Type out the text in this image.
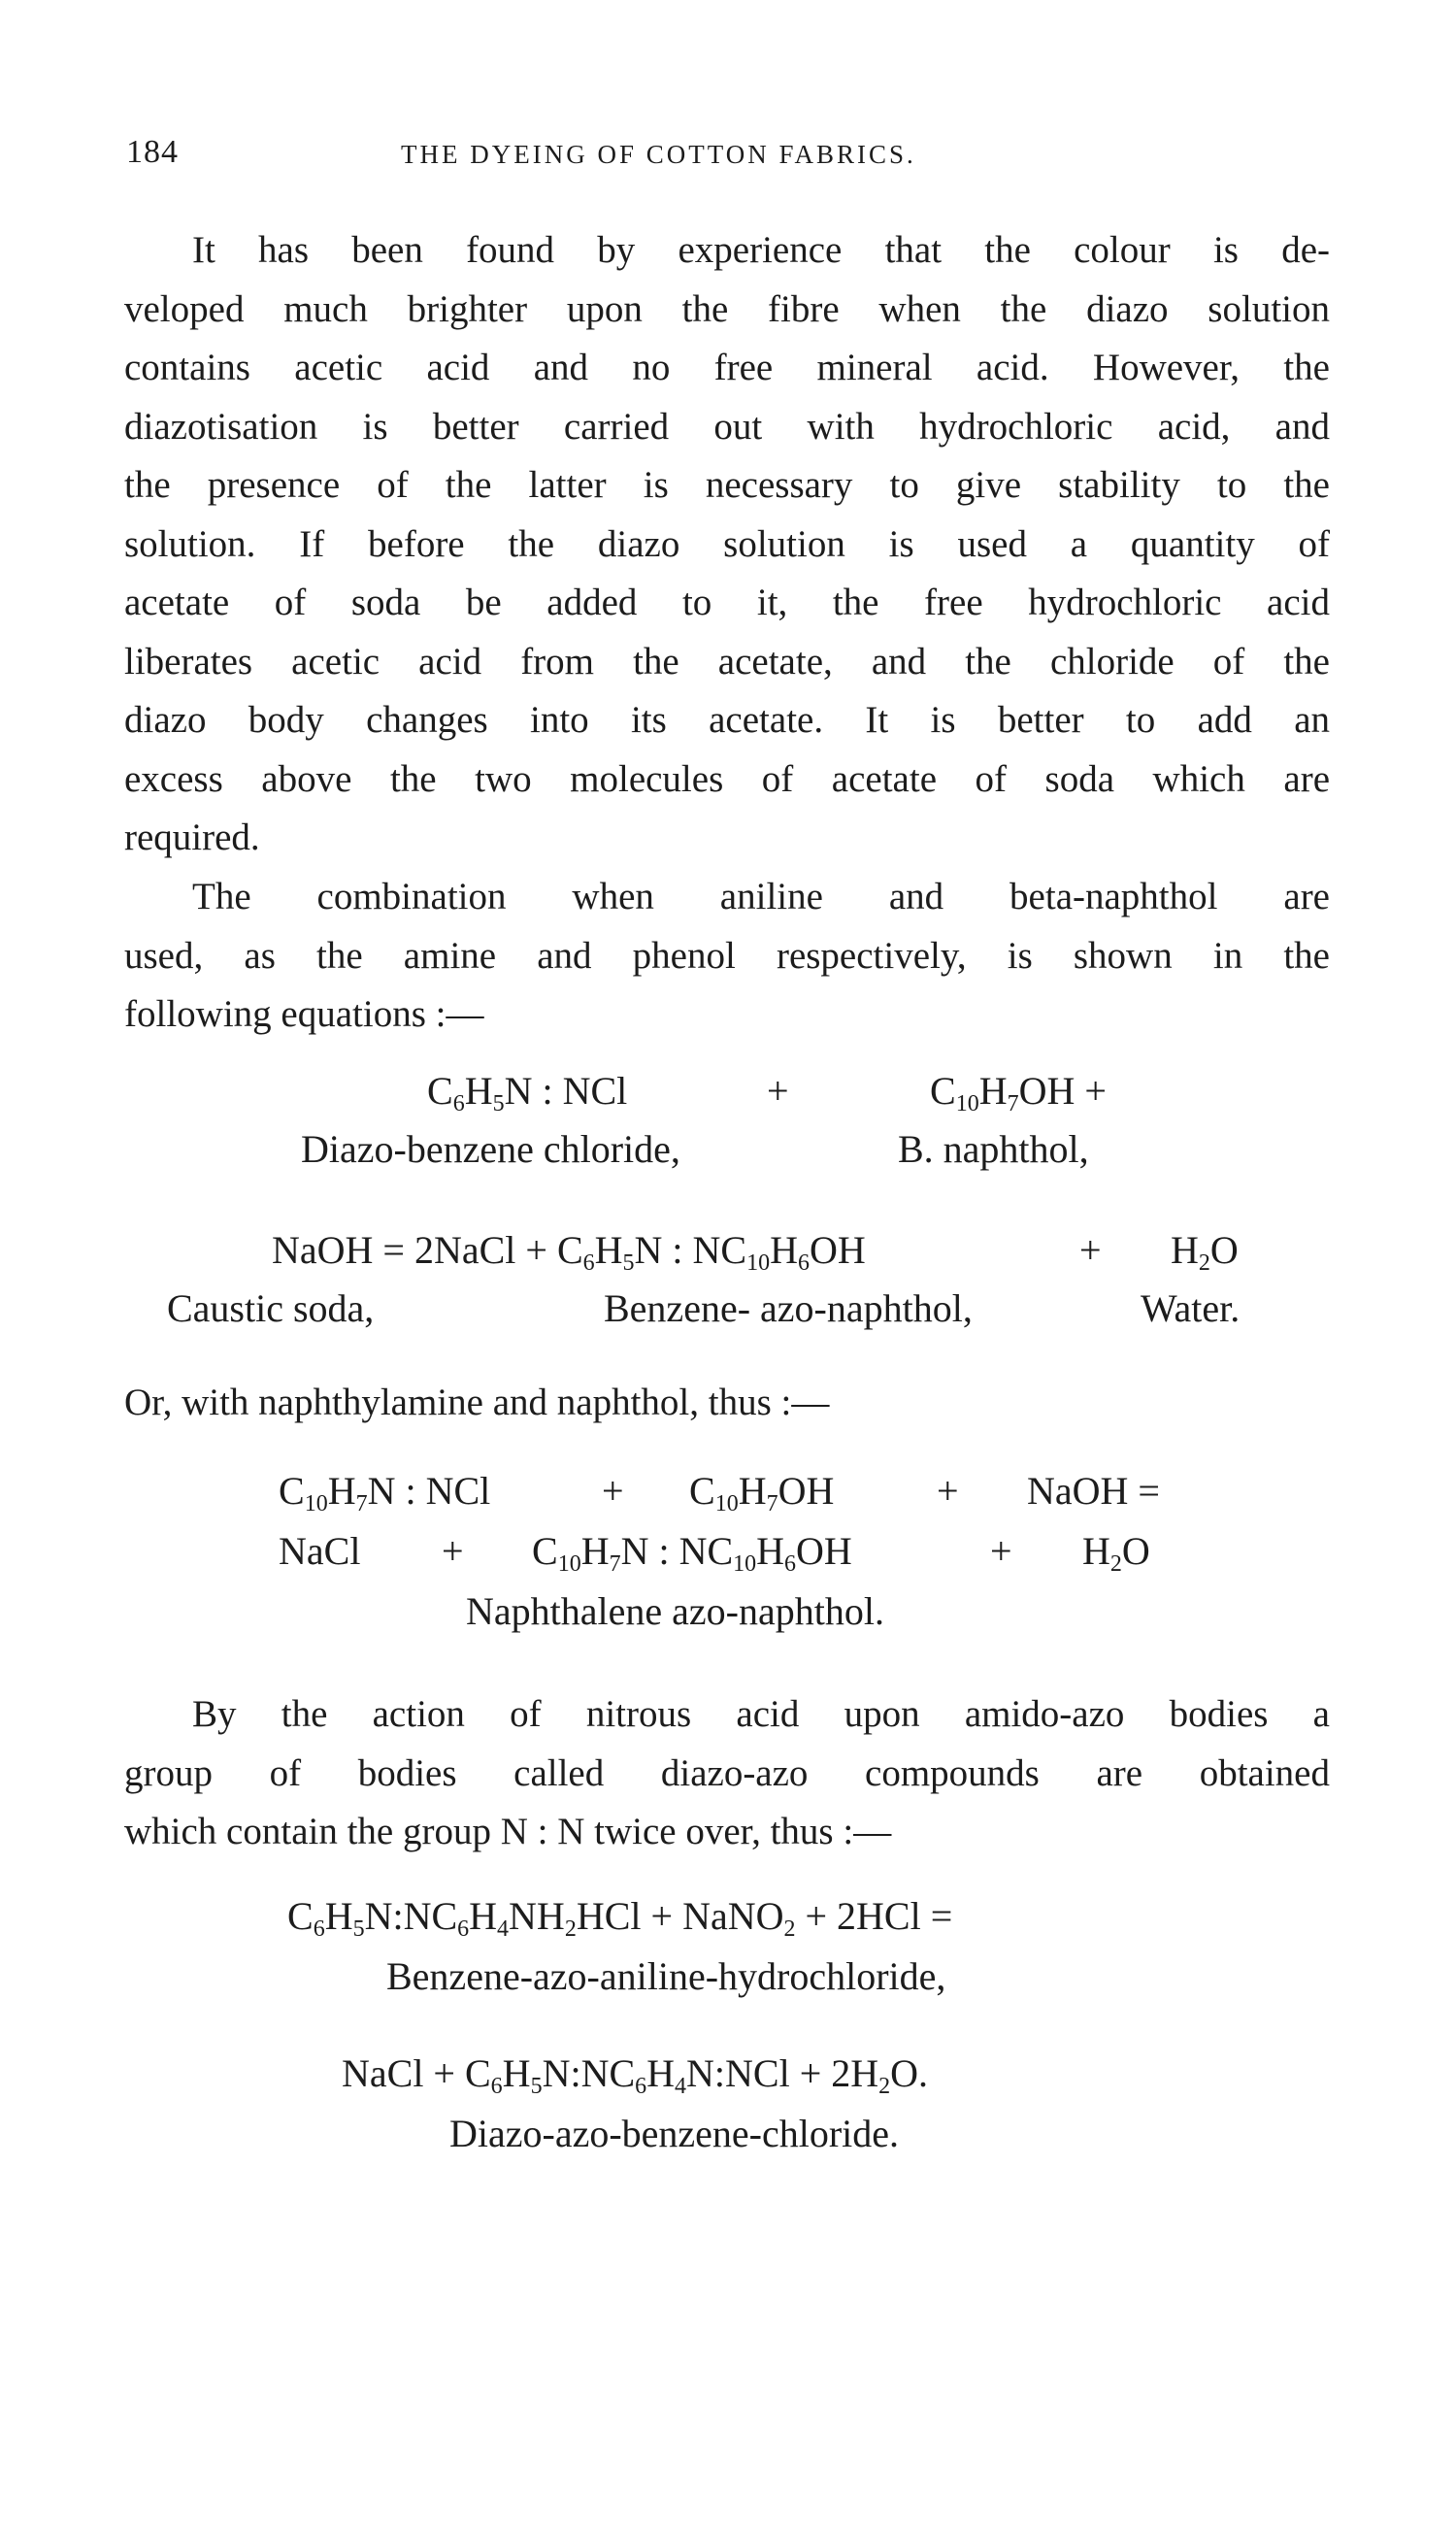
184	THE DYEING OF COTTON FABRICS.
It has been found by experience that the colour is de-
veloped much brighter upon the fibre when the diazo solution
contains acetic acid and no free mineral acid. However, the
diazotisation is better carried out with hydrochloric acid, and
the presence of the latter is necessary to give stability to the
solution. If before the diazo solution is used a quantity of
acetate of soda be added to it, the free hydrochloric acid
liberates acetic acid from the acetate, and the chloride of the
diazo body changes into its acetate. It is better to add an
excess above the two molecules of acetate of soda which are
required.
The combination when aniline and beta-naphthol are
used, as the amine and phenol respectively, is shown in the
following equations :—
$C_6H_5N$ : NCl	+	$C_{10}H_7OH$ +
Diazo-benzene chloride,	B. naphthol,
NaOH = 2NaCl + $C_6H_5N$ : $NC_{10}H_6OH$	+ $H_2O$
Caustic soda,	Benzene- azo-naphthol,	Water.
Or, with naphthylamine and naphthol, thus :—
$C_{10}H_7N$ : NCl	+ $C_{10}H_7OH$	+ NaOH =
NaCl + $C_{10}H_7N$ : $NC_{10}H_6OH$	+ $H_2O$
Naphthalene azo-naphthol.
By the action of nitrous acid upon amido-azo bodies a
group of bodies called diazo-azo compounds are obtained
which contain the group N : N twice over, thus :—
$C_6H_5N:NC_6H_4NH_2HCl$ + NaNO$_2$ + 2HCl =
Benzene-azo-aniline-hydrochloride,
NaCl + $C_6H_5N:NC_6H_4N:NCl + 2H_2O$.
Diazo-azo-benzene-chloride.
